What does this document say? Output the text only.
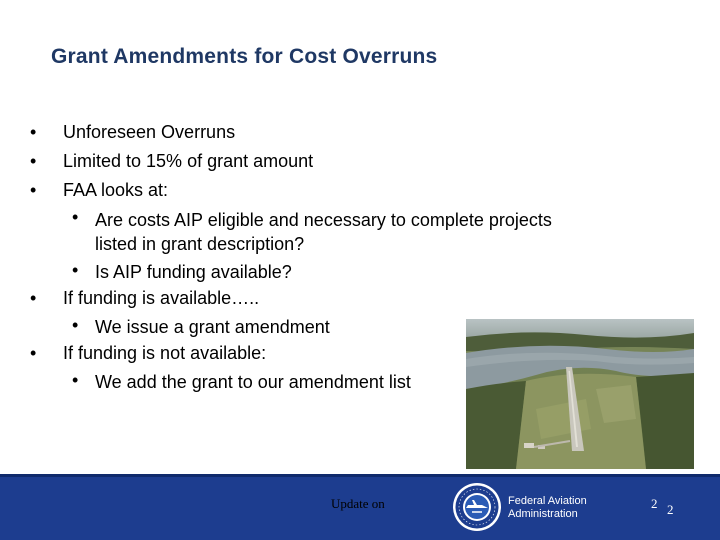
Grant Amendments for Cost Overruns
• Unforeseen Overruns
• Limited to 15% of grant amount
• FAA looks at:
• Are costs AIP eligible and necessary to complete projects
listed in grant description?
• Is AIP funding available?
• If funding is available…..
• We issue a grant amendment
• If funding is not available:
• We add the grant to our amendment list
Update on	Federal Aviation
Administration
2 2
